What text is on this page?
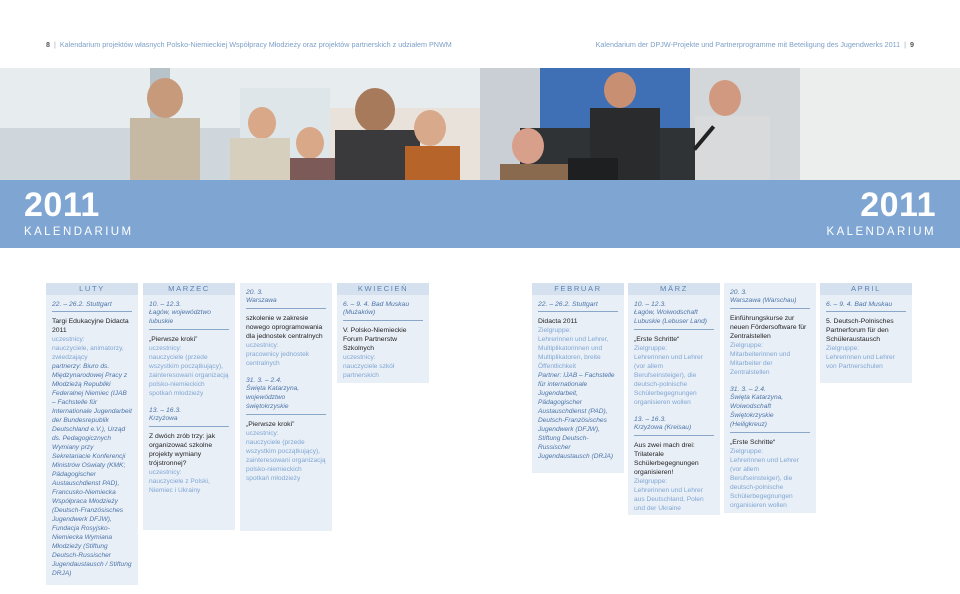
8 | Kalendarium projektów własnych Polsko-Niemieckiej Współpracy Młodzieży oraz projektów partnerskich z udziałem PNWM
2011
KALENDARIUM
LUTY
22. – 26.2. Stuttgart
Targi Edukacyjne Didacta 2011
uczestnicy:
nauczyciele, animatorzy, zwiedzający
partnerzy: Biuro ds. Międzynarodowej Pracy z Młodzieżą Republiki Federalnej Niemiec (IJAB – Fachstelle für Internationale Jugendarbeit der Bundesrepublik Deutschland e.V.), Urząd ds. Pedagogicznych Wymiany przy Sekretariacie Konferencji Ministrów Oświaty (KMK; Pädagogischer Austauschdienst PAD), Francusko-Niemiecka Współpraca Młodzieży (Deutsch-Französisches Jugendwerk DFJW), Fundacja Rosyjsko-Niemiecka Wymiana Młodzieży (Stiftung Deutsch-Russischer Jugendaustausch / Stiftung DRJA)
MARZEC
10. – 12.3.
Łagów, województwo lubuskie
„Pierwsze kroki”
uczestnicy:
nauczyciele (przede wszystkim początkujący), zainteresowani organizacją polsko-niemieckich spotkań młodzieży
13. – 16.3.
Krzyżowa
Z dwóch zrób trzy: jak organizować szkolne projekty wymiany trójstronnej?
uczestnicy:
nauczyciele z Polski, Niemiec i Ukrainy
20. 3.
Warszawa
szkolenie w zakresie nowego oprogramowania dla jednostek centralnych
uczestnicy:
pracownicy jednostek centralnych
31. 3. – 2.4.
Święta Katarzyna, województwo świętokrzyskie
„Pierwsze kroki”
uczestnicy:
nauczyciele (przede wszystkim początkujący), zainteresowani organizacją polsko-niemieckich spotkań młodzieży
KWIECIEŃ
6. – 9. 4. Bad Muskau
(Mużaków)
V. Polsko-Niemieckie Forum Partnerstw Szkolnych
uczestnicy:
nauczyciele szkół partnerskich
Kalendarium der DPJW-Projekte und Partnerprogramme mit Beteiligung des Jugendwerks 2011 | 9
2011
KALENDARIUM
FEBRUAR
22. – 26.2. Stuttgart
Didacta 2011
Zielgruppe:
Lehrerinnen und Lehrer, Multiplikatorinnen und Multiplikatoren, breite Öffentlichkeit
Partner: IJAB – Fachstelle für internationale Jugendarbeit, Pädagogischer Austauschdienst (PAD), Deutsch-Französisches Jugendwerk (DFJW), Stiftung Deutsch-Russischer Jugendaustausch (DRJA)
MÄRZ
10. – 12.3.
Łagów, Woiwodschaft Lubuskie (Lebuser Land)
„Erste Schritte“
Zielgruppe:
Lehrerinnen und Lehrer (vor allem Berufseinsteiger), die deutsch-polnische Schülerbegegnungen organisieren wollen
13. – 16.3.
Krzyżowa (Kreisau)
Aus zwei mach drei: Trilaterale Schülerbegegnungen organisieren!
Zielgruppe:
Lehrerinnen und Lehrer aus Deutschland, Polen und der Ukraine
20. 3.
Warszawa (Warschau)
Einführungskurse zur neuen Fördersoftware für Zentralstellen
Zielgruppe:
Mitarbeiterinnen und Mitarbeiter der Zentralstellen
31. 3. – 2.4.
Święta Katarzyna, Woiwodschaft Świętokrzyskie (Heiligkreuz)
„Erste Schritte“
Zielgruppe:
Lehrerinnen und Lehrer (vor allem Berufseinsteiger), die deutsch-polnische Schülerbegegnungen organisieren wollen
APRIL
6. – 9. 4. Bad Muskau
5. Deutsch-Polnisches Partnerforum für den Schüleraustausch
Zielgruppe:
Lehrerinnen und Lehrer von Partnerschulen
